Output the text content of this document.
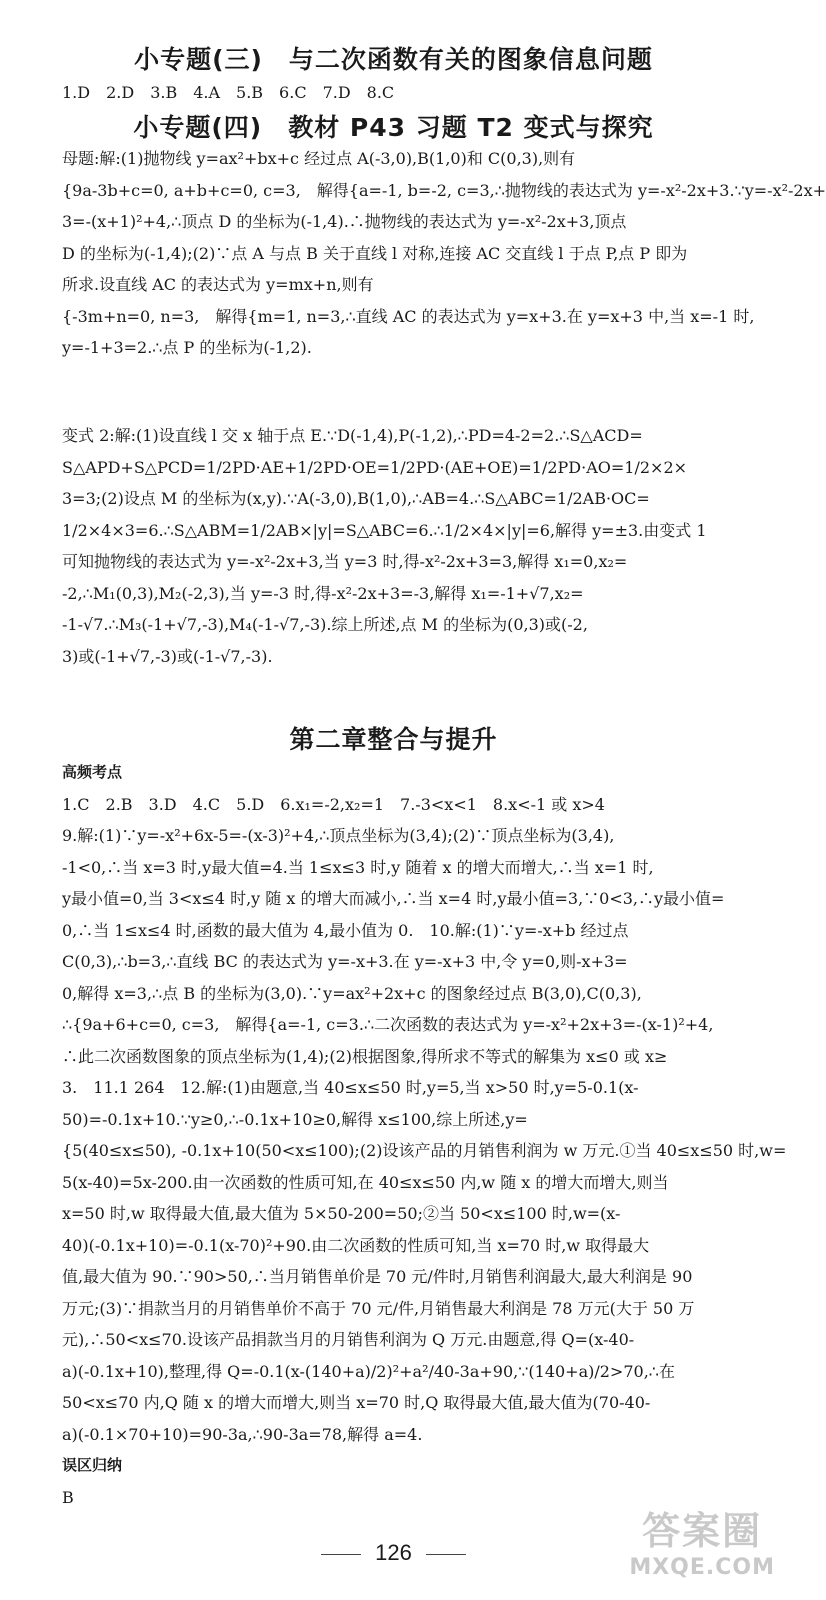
小专题(三)　与二次函数有关的图象信息问题
1.D　2.D　3.B　4.A　5.B　6.C　7.D　8.C
小专题(四)　教材 P43 习题 T2 变式与探究
母题:解:(1)抛物线 y=ax²+bx+c 经过点 A(-3,0),B(1,0)和 C(0,3),则有
{9a-3b+c=0, a+b+c=0, c=3,　解得{a=-1, b=-2, c=3,∴抛物线的表达式为 y=-x²-2x+3.∵y=-x²-2x+
3=-(x+1)²+4,∴顶点 D 的坐标为(-1,4).∴抛物线的表达式为 y=-x²-2x+3,顶点
D 的坐标为(-1,4);(2)∵点 A 与点 B 关于直线 l 对称,连接 AC 交直线 l 于点 P,点 P 即为
所求.设直线 AC 的表达式为 y=mx+n,则有
{-3m+n=0, n=3,　解得{m=1, n=3,∴直线 AC 的表达式为 y=x+3.在 y=x+3 中,当 x=-1 时,
y=-1+3=2.∴点 P 的坐标为(-1,2).
变式 2:解:(1)设直线 l 交 x 轴于点 E.∵D(-1,4),P(-1,2),∴PD=4-2=2.∴S△ACD=
S△APD+S△PCD=1/2PD·AE+1/2PD·OE=1/2PD·(AE+OE)=1/2PD·AO=1/2×2×
3=3;(2)设点 M 的坐标为(x,y).∵A(-3,0),B(1,0),∴AB=4.∴S△ABC=1/2AB·OC=
1/2×4×3=6.∴S△ABM=1/2AB×|y|=S△ABC=6.∴1/2×4×|y|=6,解得 y=±3.由变式 1
可知抛物线的表达式为 y=-x²-2x+3,当 y=3 时,得-x²-2x+3=3,解得 x₁=0,x₂=
-2,∴M₁(0,3),M₂(-2,3),当 y=-3 时,得-x²-2x+3=-3,解得 x₁=-1+√7,x₂=
-1-√7.∴M₃(-1+√7,-3),M₄(-1-√7,-3).综上所述,点 M 的坐标为(0,3)或(-2,
3)或(-1+√7,-3)或(-1-√7,-3).
第二章整合与提升
高频考点
1.C　2.B　3.D　4.C　5.D　6.x₁=-2,x₂=1　7.-3<x<1　8.x<-1 或 x>4
9.解:(1)∵y=-x²+6x-5=-(x-3)²+4,∴顶点坐标为(3,4);(2)∵顶点坐标为(3,4),
-1<0,∴当 x=3 时,y最大值=4.当 1≤x≤3 时,y 随着 x 的增大而增大,∴当 x=1 时,
y最小值=0,当 3<x≤4 时,y 随 x 的增大而减小,∴当 x=4 时,y最小值=3,∵0<3,∴y最小值=
0,∴当 1≤x≤4 时,函数的最大值为 4,最小值为 0.　10.解:(1)∵y=-x+b 经过点
C(0,3),∴b=3,∴直线 BC 的表达式为 y=-x+3.在 y=-x+3 中,令 y=0,则-x+3=
0,解得 x=3,∴点 B 的坐标为(3,0).∵y=ax²+2x+c 的图象经过点 B(3,0),C(0,3),
∴{9a+6+c=0, c=3,　解得{a=-1, c=3.∴二次函数的表达式为 y=-x²+2x+3=-(x-1)²+4,
∴此二次函数图象的顶点坐标为(1,4);(2)根据图象,得所求不等式的解集为 x≤0 或 x≥
3.　11.1 264　12.解:(1)由题意,当 40≤x≤50 时,y=5,当 x>50 时,y=5-0.1(x-
50)=-0.1x+10.∵y≥0,∴-0.1x+10≥0,解得 x≤100,综上所述,y=
{5(40≤x≤50), -0.1x+10(50<x≤100);(2)设该产品的月销售利润为 w 万元.①当 40≤x≤50 时,w=
5(x-40)=5x-200.由一次函数的性质可知,在 40≤x≤50 内,w 随 x 的增大而增大,则当
x=50 时,w 取得最大值,最大值为 5×50-200=50;②当 50<x≤100 时,w=(x-
40)(-0.1x+10)=-0.1(x-70)²+90.由二次函数的性质可知,当 x=70 时,w 取得最大
值,最大值为 90.∵90>50,∴当月销售单价是 70 元/件时,月销售利润最大,最大利润是 90
万元;(3)∵捐款当月的月销售单价不高于 70 元/件,月销售最大利润是 78 万元(大于 50 万
元),∴50<x≤70.设该产品捐款当月的月销售利润为 Q 万元.由题意,得 Q=(x-40-
a)(-0.1x+10),整理,得 Q=-0.1(x-(140+a)/2)²+a²/40-3a+90,∵(140+a)/2>70,∴在
50<x≤70 内,Q 随 x 的增大而增大,则当 x=70 时,Q 取得最大值,最大值为(70-40-
a)(-0.1×70+10)=90-3a,∴90-3a=78,解得 a=4.
误区归纳
B
126	答案圈
MXQE.COM
